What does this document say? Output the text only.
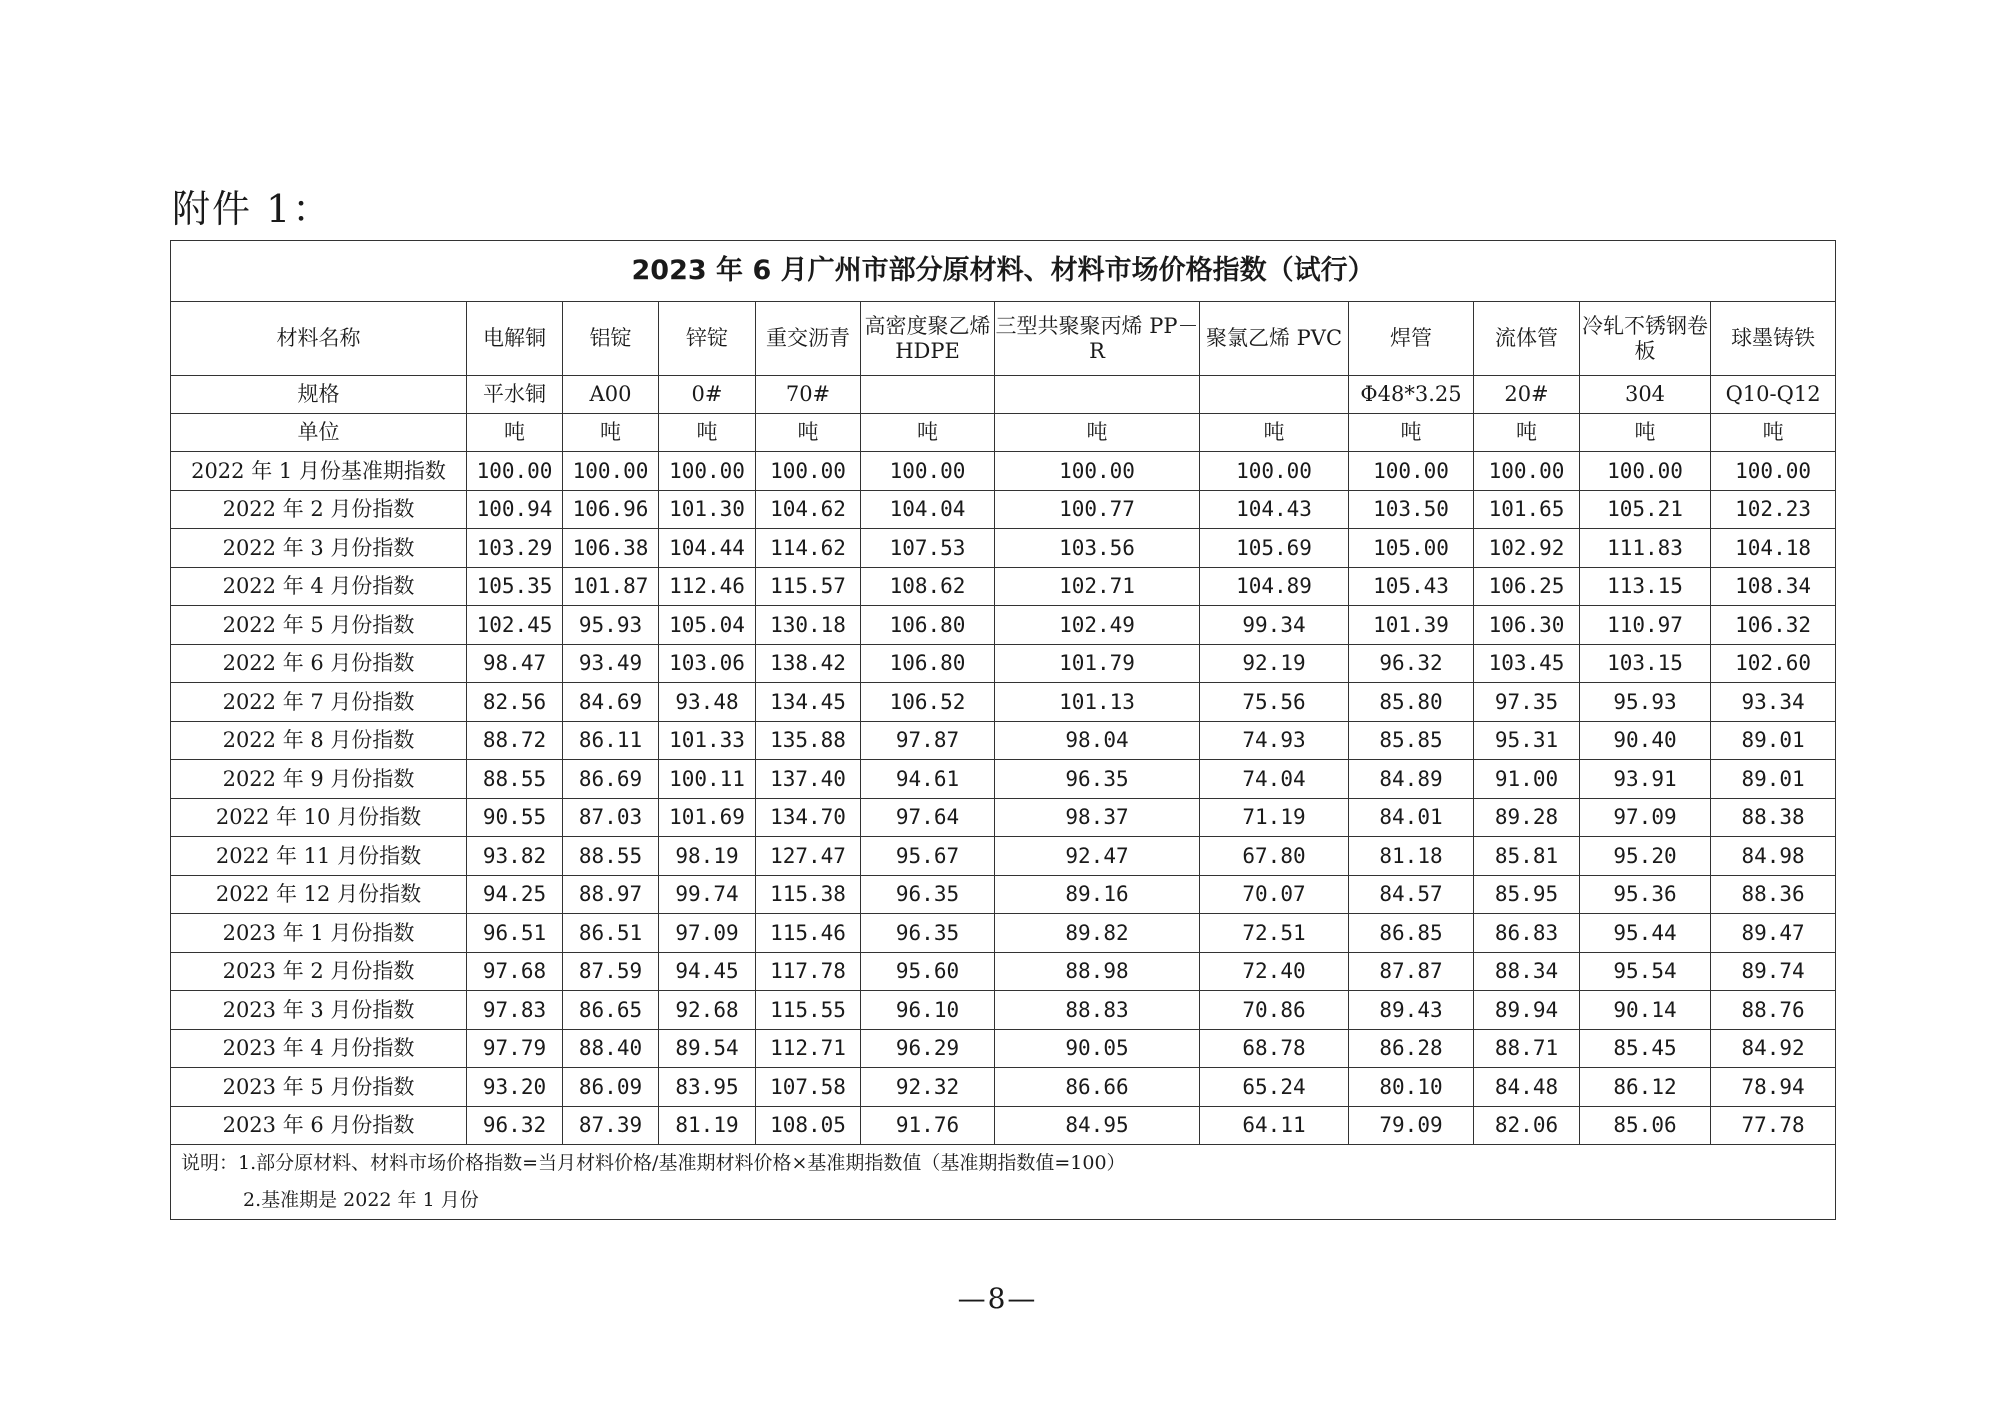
附件 1：
2023 年 6 月广州市部分原材料、材料市场价格指数（试行）											
材料名称	电解铜	铝锭	锌锭	重交沥青	高密度聚乙烯 HDPE	三型共聚聚丙烯 PP－R	聚氯乙烯 PVC	焊管	流体管	冷轧不锈钢卷板	球墨铸铁
规格	平水铜	A00	0#	70#				Φ48*3.25	20#	304	Q10-Q12
单位	吨	吨	吨	吨	吨	吨	吨	吨	吨	吨	吨
2022 年 1 月份基准期指数	100.00	100.00	100.00	100.00	100.00	100.00	100.00	100.00	100.00	100.00	100.00
2022 年 2 月份指数	100.94	106.96	101.30	104.62	104.04	100.77	104.43	103.50	101.65	105.21	102.23
2022 年 3 月份指数	103.29	106.38	104.44	114.62	107.53	103.56	105.69	105.00	102.92	111.83	104.18
2022 年 4 月份指数	105.35	101.87	112.46	115.57	108.62	102.71	104.89	105.43	106.25	113.15	108.34
2022 年 5 月份指数	102.45	95.93	105.04	130.18	106.80	102.49	99.34	101.39	106.30	110.97	106.32
2022 年 6 月份指数	98.47	93.49	103.06	138.42	106.80	101.79	92.19	96.32	103.45	103.15	102.60
2022 年 7 月份指数	82.56	84.69	93.48	134.45	106.52	101.13	75.56	85.80	97.35	95.93	93.34
2022 年 8 月份指数	88.72	86.11	101.33	135.88	97.87	98.04	74.93	85.85	95.31	90.40	89.01
2022 年 9 月份指数	88.55	86.69	100.11	137.40	94.61	96.35	74.04	84.89	91.00	93.91	89.01
2022 年 10 月份指数	90.55	87.03	101.69	134.70	97.64	98.37	71.19	84.01	89.28	97.09	88.38
2022 年 11 月份指数	93.82	88.55	98.19	127.47	95.67	92.47	67.80	81.18	85.81	95.20	84.98
2022 年 12 月份指数	94.25	88.97	99.74	115.38	96.35	89.16	70.07	84.57	85.95	95.36	88.36
2023 年 1 月份指数	96.51	86.51	97.09	115.46	96.35	89.82	72.51	86.85	86.83	95.44	89.47
2023 年 2 月份指数	97.68	87.59	94.45	117.78	95.60	88.98	72.40	87.87	88.34	95.54	89.74
2023 年 3 月份指数	97.83	86.65	92.68	115.55	96.10	88.83	70.86	89.43	89.94	90.14	88.76
2023 年 4 月份指数	97.79	88.40	89.54	112.71	96.29	90.05	68.78	86.28	88.71	85.45	84.92
2023 年 5 月份指数	93.20	86.09	83.95	107.58	92.32	86.66	65.24	80.10	84.48	86.12	78.94
2023 年 6 月份指数	96.32	87.39	81.19	108.05	91.76	84.95	64.11	79.09	82.06	85.06	77.78

说明：1.部分原材料、材料市场价格指数=当月材料价格/基准期材料价格×基准期指数值（基准期指数值=100）
2.基准期是 2022 年 1 月份											
—8—
